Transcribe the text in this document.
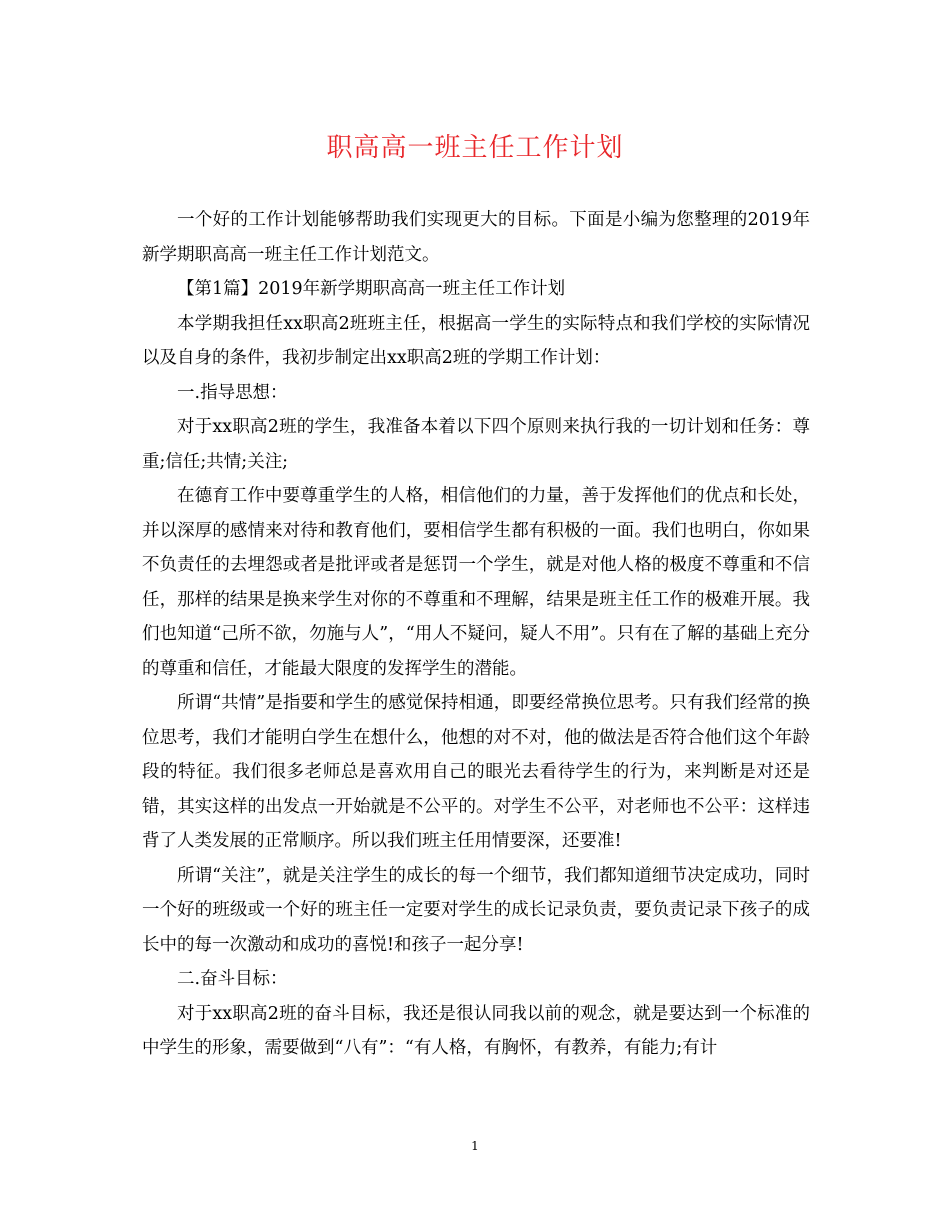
职高高一班主任工作计划

一个好的工作计划能够帮助我们实现更大的目标。下面是小编为您整理的2019年新学期职高高一班主任工作计划范文。

【第1篇】2019年新学期职高高一班主任工作计划

本学期我担任xx职高2班班主任，根据高一学生的实际特点和我们学校的实际情况以及自身的条件，我初步制定出xx职高2班的学期工作计划：

一.指导思想：

对于xx职高2班的学生，我准备本着以下四个原则来执行我的一切计划和任务：尊重;信任;共情;关注;

在德育工作中要尊重学生的人格，相信他们的力量，善于发挥他们的优点和长处，并以深厚的感情来对待和教育他们，要相信学生都有积极的一面。我们也明白，你如果不负责任的去埋怨或者是批评或者是惩罚一个学生，就是对他人格的极度不尊重和不信任，那样的结果是换来学生对你的不尊重和不理解，结果是班主任工作的极难开展。我们也知道“己所不欲，勿施与人”，“用人不疑问，疑人不用”。只有在了解的基础上充分的尊重和信任，才能最大限度的发挥学生的潜能。

所谓“共情”是指要和学生的感觉保持相通，即要经常换位思考。只有我们经常的换位思考，我们才能明白学生在想什么，他想的对不对，他的做法是否符合他们这个年龄段的特征。我们很多老师总是喜欢用自己的眼光去看待学生的行为，来判断是对还是错，其实这样的出发点一开始就是不公平的。对学生不公平，对老师也不公平：这样违背了人类发展的正常顺序。所以我们班主任用情要深，还要准!

所谓“关注”，就是关注学生的成长的每一个细节，我们都知道细节决定成功，同时一个好的班级或一个好的班主任一定要对学生的成长记录负责，要负责记录下孩子的成长中的每一次激动和成功的喜悦!和孩子一起分享!

二.奋斗目标：

对于xx职高2班的奋斗目标，我还是很认同我以前的观念，就是要达到一个标准的中学生的形象，需要做到“八有”：“有人格，有胸怀，有教养，有能力;有计

1
